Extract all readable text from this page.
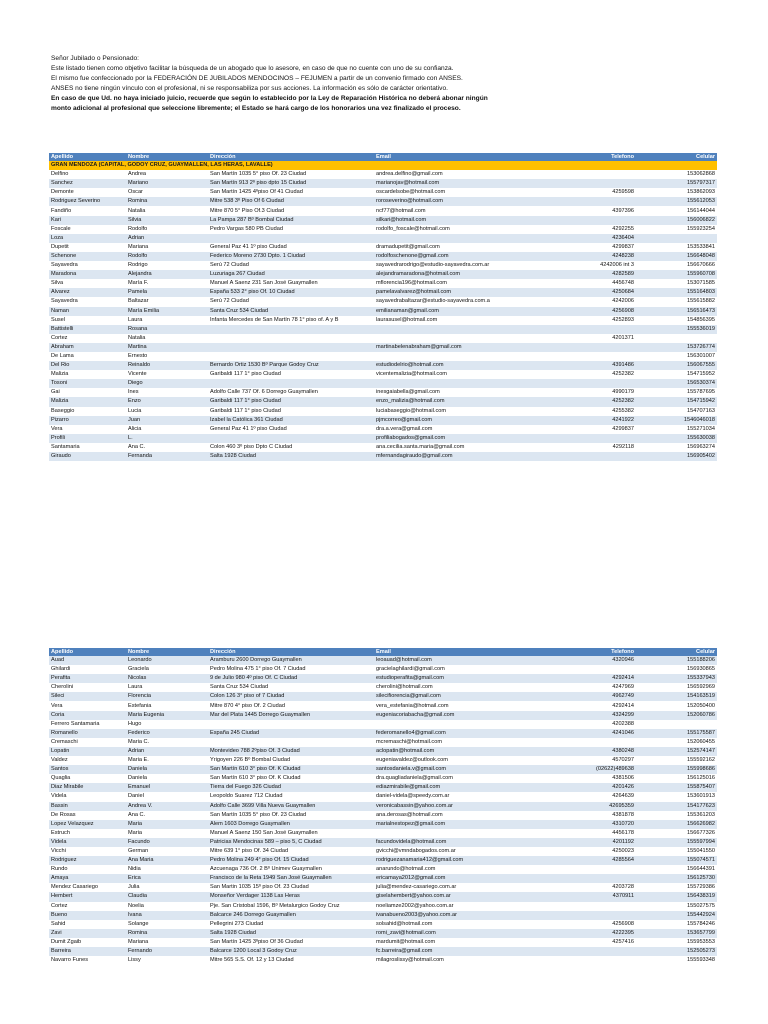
Señor Jubilado o Pensionado:

Este listado tienen como objetivo facilitar la búsqueda de un abogado que lo asesore, en caso de que no cuente con uno de su confianza.

El mismo fue confeccionado por la FEDERACIÓN DE JUBILADOS MENDOCINOS – FEJUMEN a partir de un convenio firmado con ANSES.

ANSES no tiene ningún vínculo con el profesional, ni se responsabiliza por sus acciones. La información es sólo de carácter orientativo.

En caso de que Ud. no haya iniciado juicio, recuerde que según lo establecido por la Ley de Reparación Histórica no deberá abonar ningún

monto adicional al profesional que seleccione libremente; el Estado se hará cargo de los honorarios una vez finalizado el proceso.

Apellido	Nombre	Dirección	Email	Telefono	Celular
GRAN MENDOZA (CAPITAL, GODOY CRUZ, GUAYMALLEN, LAS HERAS, LAVALLE)					
Delfino	Andrea	San Martín 1035 5° piso Of. 23 Ciudad	andrea.delfino@gmail.com		153062868
Sanchez	Mariano	San Martín 913 2º piso dpto 15 Ciudad	marianojav@hotmail.com		155797317
Demonte	Oscar	San Martín 1425 4ºpiso Of 41 Ciudad	oscardelsobe@hotmail.com	4259598	153862093
Rodriguez Severino	Romina	Mitre 538 3º Piso Of 6 Ciudad	roroseverino@hotmail.com		155612053
Fandiño	Natalia	Mitre 870 5° Piso Of.3 Ciudad	ncf77@hotmail.com	4397396	156144044
Kari	Silvia	La Pampa 287 Bº Bombal Ciudad	silkari@hotmail.com		156006822
Foscale	Rodolfo	Pedro Vargas 580 PB Ciudad	rodolfo_foscale@hotmail.com	4292255	155923254
Loza	Adrian			4236404	
Dupetit	Mariana	General Paz 41 1º piso Ciudad	dramadupetit@gmail.com	4299837	153533841
Schenone	Rodolfo	Federico Moreno 2730 Dpto. 1 Ciudad	rodolfoschenone@gmail.com	4248238	156648048
Sayavedra	Rodrigo	Serú 72 Ciudad	sayavedrarodrigo@estudio-sayavedra.com.ar	4242006 int 3	156670666
Maradona	Alejandra	Luzuriaga 267 Ciudad	alejandramaradona@hotmail.com	4282589	155960708
Silva	María F.	Manuel A Saenz 231 San José Guaymallen	mflorencia196@hotmail.com	4456748	153071585
Alvarez	Pamela	España 533 2° piso Of. 10 Ciudad	pamelavalvarez@hotmail.com	4250684	155164803
Sayavedra	Baltazar	Serú 72 Ciudad	sayavedrabaltazar@estudio-sayavedra.com.a	4242006	155615882
Naman	María Emilia	Santa Cruz 534 Ciudad	emilianaman@gmail.com	4256908	156516473
Susel	Laura	Infanta Mercedes de San Martín 78 1° piso of. A y B	laurasusel@hotmail.com	4252893	154856395
Battistelli	Rosana				155536019
Cortez	Natalia			4201371	
Abraham	Martina		martinabelenabraham@gmail.com		153726774
De Lama	Ernesto				156301007
Del Rio	Reinaldo	Bernardo Ortiz 1530 Bº Parque Godoy Cruz	estudiodelrio@hotmail.com	4391486	156067555
Malizia	Vicente	Garibaldi 117 1° piso Ciudad	vicentemalizia@hotmail.com	4252382	154715952
Tosoni	Diego				156530374
Gai	Ines	Adolfo Calle 737 Of. 6 Dorrego Guaymallen	inesgaiabella@gmail.com	4990179	155787695
Malizia	Enzo	Garibaldi 117 1° piso Ciudad	enzo_malizia@hotmail.com	4252382	154715942
Baseggio	Lucia	Garibaldi 117 1° piso Ciudad	luciabaseggio@hotmail.com	4255382	154707163
Pizarro	Juan	Izabel la Católica 361 Ciudad	pjmcorreo@gmail.com	4241922	1546046018
Vera	Alicia	General Paz 41 1º piso Ciudad	dra.a.vera@gmail.com	4299837	155271034
Profili	L.		profiliabogados@gmail.com		155630038
Santamaria	Ana C.	Colon 460 3º piso Dpto C Ciudad	ana.cecilia.santa.maria@gmail.com	4292118	156963274
Giraudo	Fernanda	Salta 1928 Ciudad	mfernandagiraudo@gmail.com		156905402
Apellido	Nombre	Dirección	Email	Telefono	Celular
Auad	Leonardo	Aramburu 2600 Dorrego Guaymallen	leoauad@hotmail.com	4320946	155188206
Ghilardi	Graciela	Pedro Molina 475 1° piso Of. 7 Ciudad	gracielaghilardi@gmail.com		156930865
Perafita	Nicolas	9 de Julio 980 4º piso Of. C Ciudad	estudioperafita@gmail.com	4292414	155337943
Cherolini	Laura	Santa Cruz 534 Ciudad	cherolini@hotmail.com	4247969	156592969
Sileci	Florencia	Colon 126 3° piso of 7 Ciudad	silecifiorencia@gmail.com	4962749	154163519
Vera	Estefania	Mitre 870 4° piso Of. 2 Ciudad	vera_estefania@hotmail.com	4292414	152050400
Coria	Maria Eugenia	Mar del Plata 1445 Dorrego Guaymallen	eugeniacoriabacha@gmail.com	4324299	152060786
Ferrero Santamaria	Hugo			4202388	
Romanello	Federico	España 245 Ciudad	federomanello4@gmail.com	4241046	155175587
Cremaschi	Maria C.		mcremaschi@hotmail.com		152060455
Lopatin	Adrian	Montevideo 788 2ºpiso Of. 3 Ciudad	aclopatin@hotmail.com	4380248	152574147
Valdez	Maria E.	Yrigoyen 226 Bº Bombal Ciudad	eugeniavaldez@outlook.com	4570297	155592162
Santos	Daniela	San Martín 610 3° piso Of. K Ciudad	santosdaniela.v@gmail.com	(02622)489638	155998686
Quaglia	Daniela	San Martín 610 3° piso Of. K Ciudad	dra.quagliadaniela@gmail.com	4381506	156125016
Diaz Mirabile	Emanuel	Tierra del Fuego 326 Ciudad	ediazmirabile@gmail.com	4201426	155875407
Videla	Daniel	Leopoldo Suarez 712 Ciudad	daniel-videla@speedy.com.ar	4264639	153601913
Bassin	Andrea V.	Adolfo Calle 3699 Villa Nueva Guaymallen	veronicabassin@yahoo.com.ar	42695359	154177623
De Rosas	Ana C.	San Martín 1035 5° piso Of. 23 Ciudad	ana.derosas@hotmail.com	4381878	155361203
Lopez Velazquez	Maria	Alem 1603 Dorrego Guaymallen	marialnestopez@gmail.com	4310720	156626982
Estruch	Maria	Manuel A Saenz 150 San José Guaymallen		4456178	156677326
Videla	Facundo	Patricias Mendocinas 589 – piso 5, C Ciudad	facundovidela@hotmail.com	4201192	155597994
Vicchi	German	Mitre 639 1° piso Of. 34 Ciudad	gvicchi@vmndabogados.com.ar	4250023	155041550
Rodriguez	Ana Maria	Pedro Molina 249 4° piso Of. 15 Ciudad	rodriguezanamaria412@gmail.com	4285564	155074571
Rundo	Nidia	Azcuenaga 736 Of. 2 Bº Unimev Guaymallen	anarundo@hotmail.com		156644391
Amaya	Erica	Francisco de la Reta 1949 San José Guaymallen	ericamaya2012@gmail.com		156125730
Mendez Casariego	Julia	San Martin 1035 15º piso Of. 23 Ciudad	julia@mendez-casariego.com.ar	4203728	155729386
Hembert	Claudia	Monseñor Verdager 1138 Las Heras	giselahembert@yahoo.com.ar	4370911	156438319
Cortez	Noelia	Pje. San Cristobal 1596, Bº Metalurgico Godoy Cruz	noeliamze2002@yahoo.com.ar		155027575
Bueno	Ivana	Balcarce 246 Dorrego Guaymallen	ivanabueno2003@yahoo.com.ar		155442924
Sahid	Solange	Pellegrini 273 Ciudad	solsahid@hotmail.com	4256908	155784246
Zavi	Romina	Salta 1928 Ciudad	romi_zavi@hotmail.com	4222395	153657799
Dumit Zgaib	Mariana	San Martín 1425 3ºpiso Of 36 Ciudad	mardumit@hotmail.com	4257416	155953553
Barreira	Fernando	Balcarce 1200 Local 3 Godoy Cruz	fc.barreira@gmail.com		152505273
Navarro Funes	Lissy	Mitre 565 S.S. Of. 12 y 13 Ciudad	milagroslissy@hotmail.com		155593348
